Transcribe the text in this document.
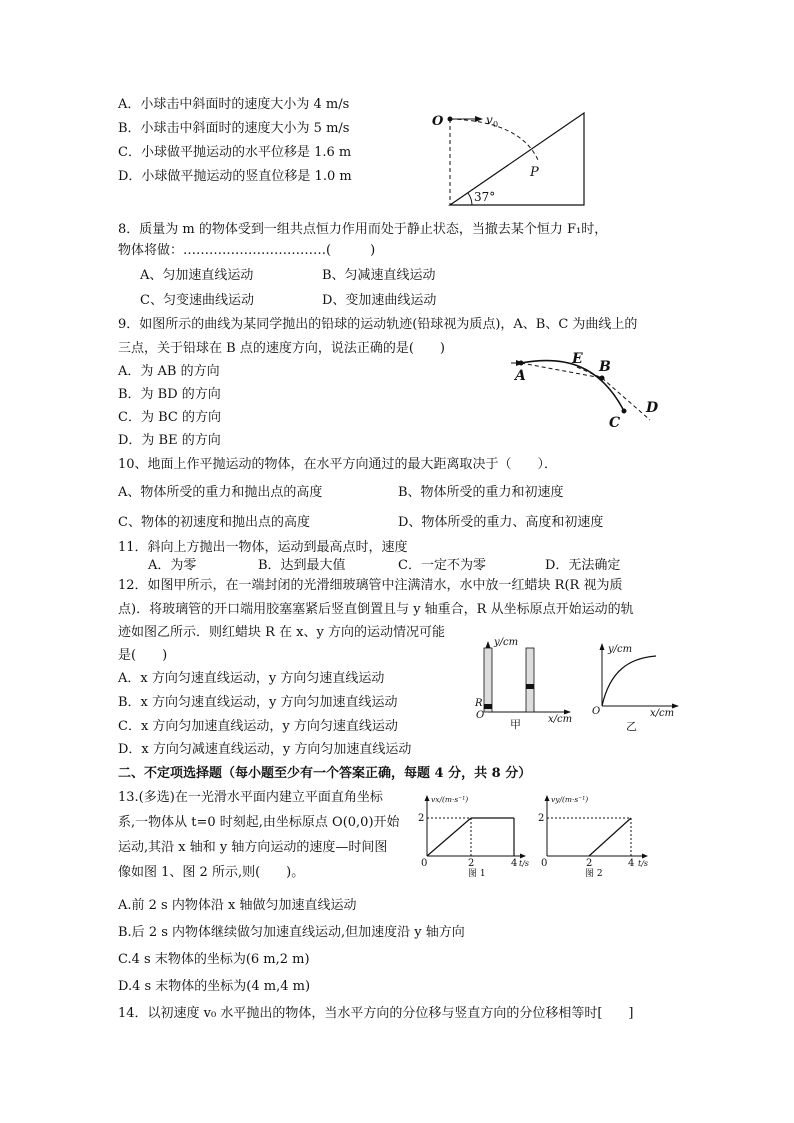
A．小球击中斜面时的速度大小为 4 m/s
B．小球击中斜面时的速度大小为 5 m/s
C．小球做平抛运动的水平位移是 1.6 m
D．小球做平抛运动的竖直位移是 1.0 m
O	v 0
P
37°
8．质量为 m 的物体受到一组共点恒力作用而处于静止状态，当撤去某个恒力 F₁时，
物体将做：……………………………(　　　)
A、匀加速直线运动	B、匀减速直线运动
C、匀变速曲线运动	D、变加速曲线运动
9．如图所示的曲线为某同学抛出的铅球的运动轨迹(铅球视为质点)，A、B、C 为曲线上的
三点，关于铅球在 B 点的速度方向，说法正确的是(　　)
A．为 AB 的方向
B．为 BD 的方向
C．为 BC 的方向
D．为 BE 的方向
A
E B
C
D
10、地面上作平抛运动的物体，在水平方向通过的最大距离取决于（　　）．
A、物体所受的重力和抛出点的高度	B、物体所受的重力和初速度
C、物体的初速度和抛出点的高度	D、物体所受的重力、高度和初速度
11．斜向上方抛出一物体，运动到最高点时，速度
A．为零	B．达到最大值	C．一定不为零	D．无法确定
12．如图甲所示，在一端封闭的光滑细玻璃管中注满清水，水中放一红蜡块 R(R 视为质
点)．将玻璃管的开口端用胶塞塞紧后竖直倒置且与 y 轴重合，R 从坐标原点开始运动的轨
迹如图乙所示．则红蜡块 R 在 x、y 方向的运动情况可能
是(　　)
A．x 方向匀速直线运动，y 方向匀速直线运动
B．x 方向匀速直线运动，y 方向匀加速直线运动
C．x 方向匀加速直线运动，y 方向匀速直线运动
D．x 方向匀减速直线运动，y 方向匀加速直线运动
y/cm
x/cm
R
O
甲
y/cm
x/cm
O
乙
二、不定项选择题（每小题至少有一个答案正确，每题 4 分，共 8 分）
13.(多选)在一光滑水平面内建立平面直角坐标
系,一物体从 t=0 时刻起,由坐标原点 O(0,0)开始
运动,其沿 x 轴和 y 轴方向运动的速度—时间图
像如图 1、图 2 所示,则(　　)。
A.前 2 s 内物体沿 x 轴做匀加速直线运动
B.后 2 s 内物体继续做匀加速直线运动,但加速度沿 y 轴方向
C.4 s 末物体的坐标为(6 m,2 m)
D.4 s 末物体的坐标为(4 m,4 m)
vx/(m·s⁻¹)
0	2	4
2
t/s
图 1
vy/(m·s⁻¹)
0	2	4
2
t/s
图 2
14．以初速度 v₀ 水平抛出的物体，当水平方向的分位移与竖直方向的分位移相等时[　　]
